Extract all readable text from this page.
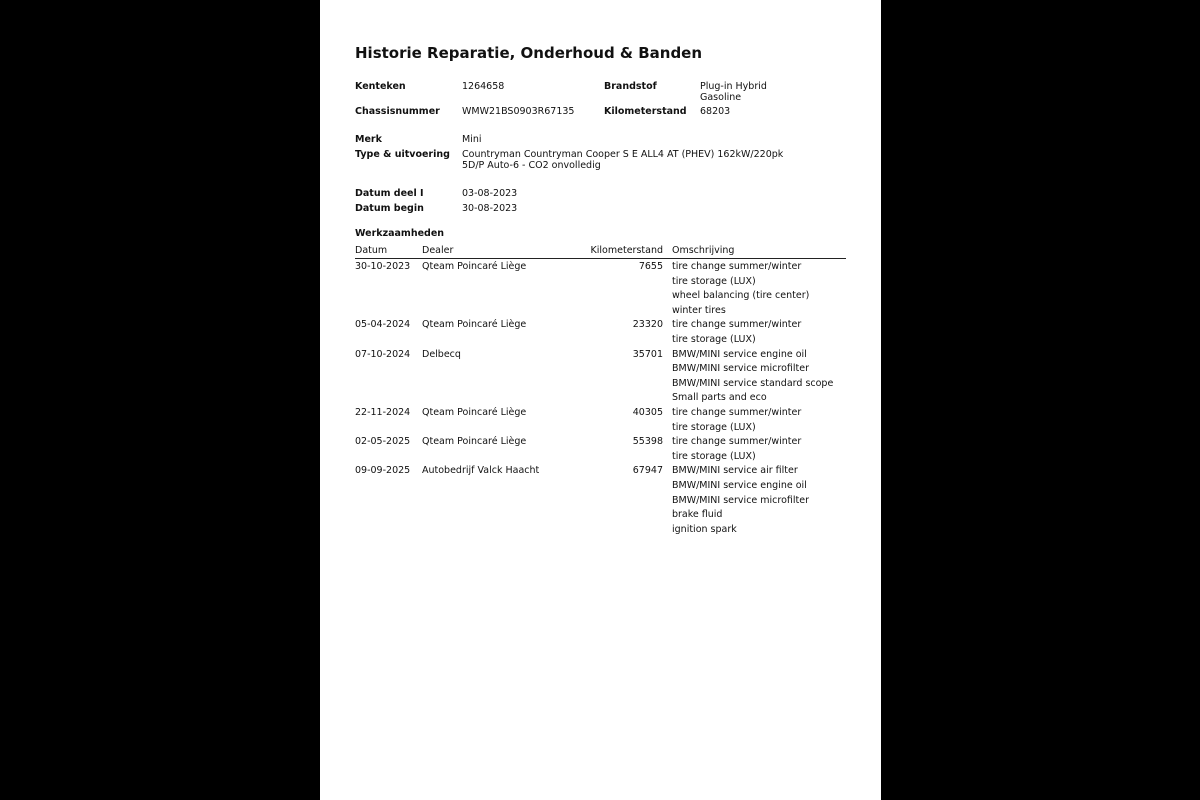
Historie Reparatie, Onderhoud & Banden
Kenteken	1264658	Brandstof	Plug-in Hybrid
Gasoline
Chassisnummer WMW21BS0903R67135	Kilometerstand 68203
Merk	Mini
Type & uitvoering Countryman Countryman Cooper S E ALL4 AT (PHEV) 162kW/220pk
5D/P Auto-6 - CO2 onvolledig
Datum deel I	03-08-2023
Datum begin	30-08-2023
Werkzaamheden
Datum	Dealer	Kilometerstand Omschrijving
30-10-2023 Qteam Poincaré Liège	7655 tire change summer/winter
tire storage (LUX)
wheel balancing (tire center)
winter tires
05-04-2024 Qteam Poincaré Liège	23320 tire change summer/winter
tire storage (LUX)
07-10-2024 Delbecq	35701 BMW/MINI service engine oil
BMW/MINI service microfilter
BMW/MINI service standard scope
Small parts and eco
22-11-2024 Qteam Poincaré Liège	40305 tire change summer/winter
tire storage (LUX)
02-05-2025 Qteam Poincaré Liège	55398 tire change summer/winter
tire storage (LUX)
09-09-2025 Autobedrijf Valck Haacht	67947 BMW/MINI service air filter
BMW/MINI service engine oil
BMW/MINI service microfilter
brake fluid
ignition spark
